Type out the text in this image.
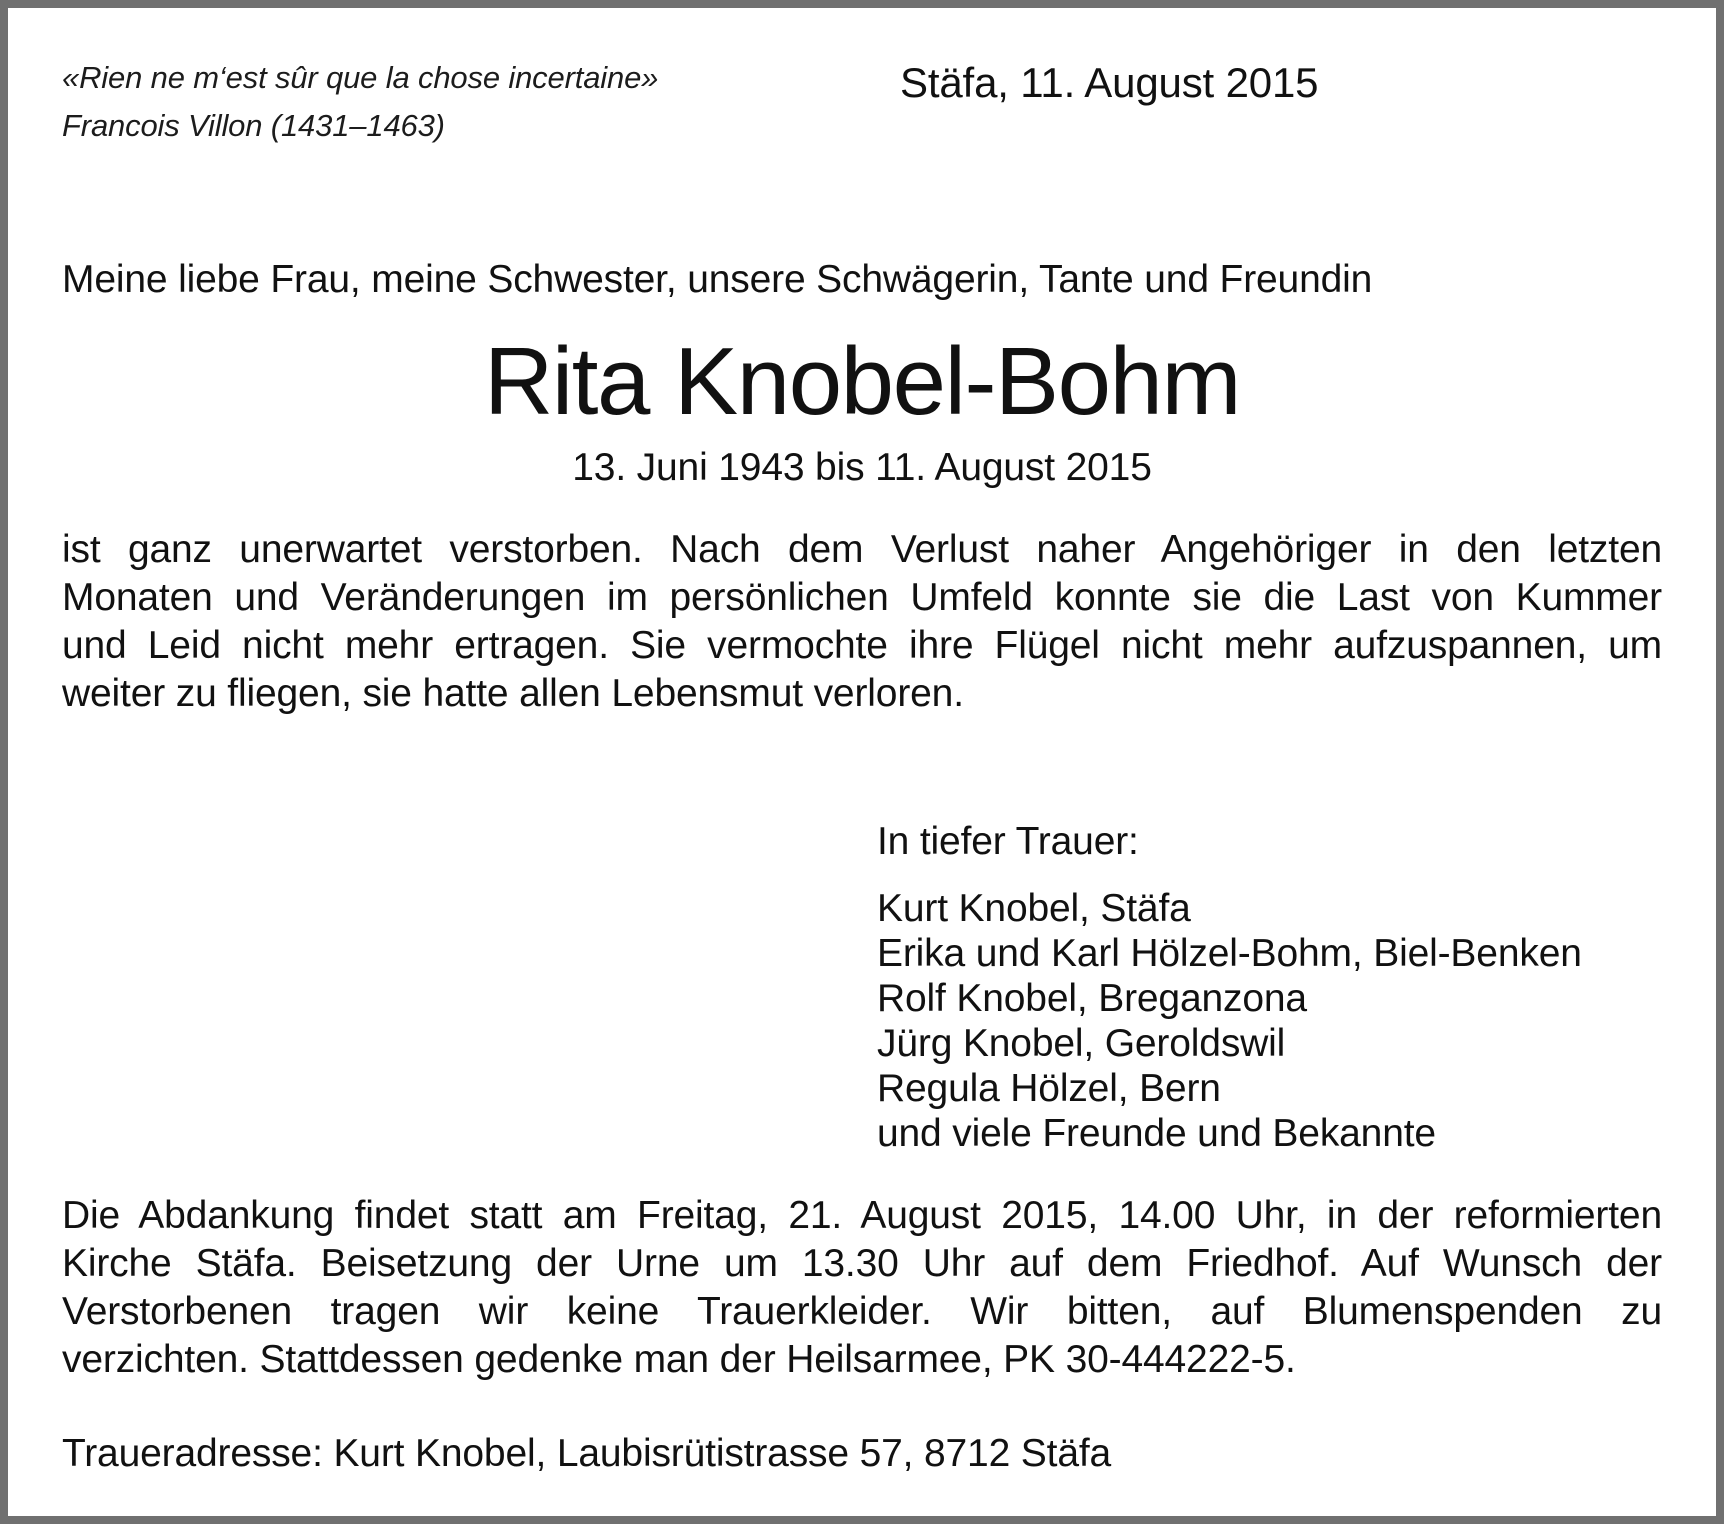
«Rien ne m‘est sûr que la chose incertaine»
Francois Villon (1431–1463)
Stäfa, 11. August 2015
Meine liebe Frau, meine Schwester, unsere Schwägerin, Tante und Freundin
Rita Knobel-Bohm
13. Juni 1943 bis 11. August 2015
ist ganz unerwartet verstorben. Nach dem Verlust naher Angehöriger in den letzten
Monaten und Veränderungen im persönlichen Umfeld konnte sie die Last von Kummer
und Leid nicht mehr ertragen. Sie vermochte ihre Flügel nicht mehr aufzuspannen, um
weiter zu fliegen, sie hatte allen Lebensmut verloren.
In tiefer Trauer:
Kurt Knobel, Stäfa
Erika und Karl Hölzel-Bohm, Biel-Benken
Rolf Knobel, Breganzona
Jürg Knobel, Geroldswil
Regula Hölzel, Bern
und viele Freunde und Bekannte
Die Abdankung findet statt am Freitag, 21. August 2015, 14.00 Uhr, in der reformierten
Kirche Stäfa. Beisetzung der Urne um 13.30 Uhr auf dem Friedhof. Auf Wunsch der
Verstorbenen tragen wir keine Trauerkleider. Wir bitten, auf Blumenspenden zu
verzichten. Stattdessen gedenke man der Heilsarmee, PK 30-444222-5.
Traueradresse: Kurt Knobel, Laubisrütistrasse 57, 8712 Stäfa
